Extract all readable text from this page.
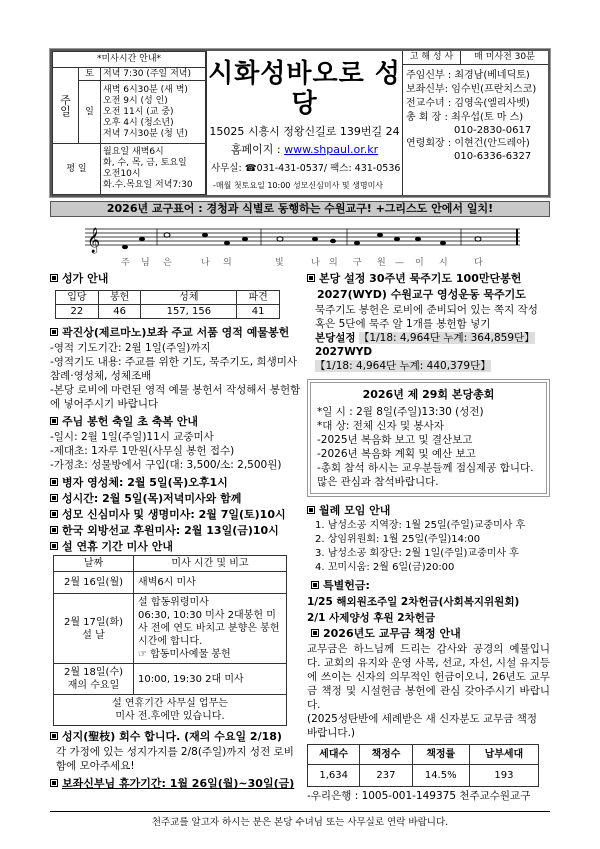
*미사시간 안내*		
주일	토	저녁 7:30 (주일 저녁)
	일	새벽 6시30분 (새 벽)
오전 9시 (성 인)
오전 11시 (교 중)
오후 4시 (청소년)
저녁 7시30분 (청 년)

평 일		월요일 새벽6시
화, 수, 목, 금, 토요일
오전10시
화.수.목요일 저녁7:30
시화성바오로 성당
15025 시흥시 정왕신길로 139번길 24
홈페이지 : www.shpaul.or.kr
사무실: ☎031-431-0537/ 팩스: 431-0536
-매월 첫토요일 10:00 성모신심미사 및 생명미사
고 해 성 사	매 미사전 30분
주임신부 : 최경남(베네딕토)
보좌신부: 임수빈(프란치스코)
전교수녀 : 김영옥(엘리사벳)
총 회 장 : 최우섭(토 마 스)
010-2830-0617
연령회장 : 이현건(안드레아)
010-6336-6327
2026년 교구표어 : 경청과 식별로 동행하는 수원교구! +그리스도 안에서 일치!
𝄞
주 님 은	나 의	빛	나 의 구 원 — 이 시	다
성가 안내
입당	봉헌	성체	파견
22	46	157, 156	41
곽진상(제르마노)보좌 주교 서품 영적 예물봉헌
-영적 기도기간: 2월 1일(주일)까지
-영적기도 내용: 주교를 위한 기도, 묵주기도, 희생미사참례·영성체, 성체조배
-본당 로비에 마련된 영적 예물 봉헌서 작성해서 봉헌함에 넣어주시기 바랍니다
주님 봉헌 축일 초 축복 안내
-일시: 2월 1일(주일)11시 교중미사
-제대초: 1자루 1만원(사무실 봉헌 접수)
-가정초: 성물방에서 구입(대: 3,500/소: 2,500원)
병자 영성체: 2월 5일(목)오후1시
성시간: 2월 5일(목)저녁미사와 함께
성모 신심미사 및 생명미사: 2월 7일(토)10시
한국 외방선교 후원미사: 2월 13일(금)10시
설 연휴 기간 미사 안내
날짜	미사 시간 및 비고
2월 16일(월)	새벽6시 미사
2월 17일(화)
설 날	설 합동위령미사
06:30, 10:30 미사 2대봉헌 미사 전에 연도 바치고 분향은 봉헌 시간에 합니다.
☞ 합동미사예물 봉헌
2월 18일(수)
재의 수요일	10:00, 19:30 2대 미사
설 연휴기간 사무실 업무는
미사 전.후에만 있습니다.	
성지(聖枝) 회수 합니다. (재의 수요일 2/18)
각 가정에 있는 성지가지를 2/8(주일)까지 성전 로비 함에 모아주세요!
보좌신부님 휴가기간: 1월 26일(월)~30일(금)
본당 설정 30주년 묵주기도 100만단봉헌
2027(WYD) 수원교구 영성운동 묵주기도
묵주기도 봉헌은 로비에 준비되어 있는 쪽지 작성 혹은 5단에 묵주 알 1개를 봉헌함 넣기
본당설정 【1/18: 4,964단 누계: 364,859단】
2027WYD 【1/18: 4,964단 누계: 440,379단】
2026년 제 29회 본당총회
*일 시 : 2월 8일(주일)13:30 (성전)
*대 상: 전체 신자 및 봉사자
-2025년 복음화 보고 및 결산보고
-2026년 복음화 계획 및 예산 보고
-총회 참석 하시는 교우분들께 점심제공 합니다. 많은 관심과 참석바랍니다.
월례 모임 안내
1. 남성소공 지역장: 1월 25일(주일)교중미사 후
2. 상임위원회: 1월 25일(주일)14:00
3. 남성소공 회장단: 2월 1일(주일)교중미사 후
4. 꼬미시움: 2월 6일(금)20:00
특별헌금:
1/25 해외원조주일 2차헌금(사회복지위원회)
2/1 사제양성 후원 2차헌금
2026년도 교무금 책정 안내
교무금은 하느님께 드리는 감사와 공경의 예물입니다. 교회의 유지와 운영 사목, 선교, 자선, 시설 유지등에 쓰이는 신자의 의무적인 헌금이오니, 26년도 교무금 책정 및 시설헌금 봉헌에 관심 갖아주시기 바랍니다.
(2025성탄반에 세례받은 새 신자분도 교무금 책정 바랍니다.)
세대수	책정수	책정률	납부세대
1,634	237	14.5%	193
-우리은행 : 1005-001-149375 천주교수원교구
천주교를 알고자 하시는 분은 본당 수녀님 또는 사무실로 연락 바랍니다.
